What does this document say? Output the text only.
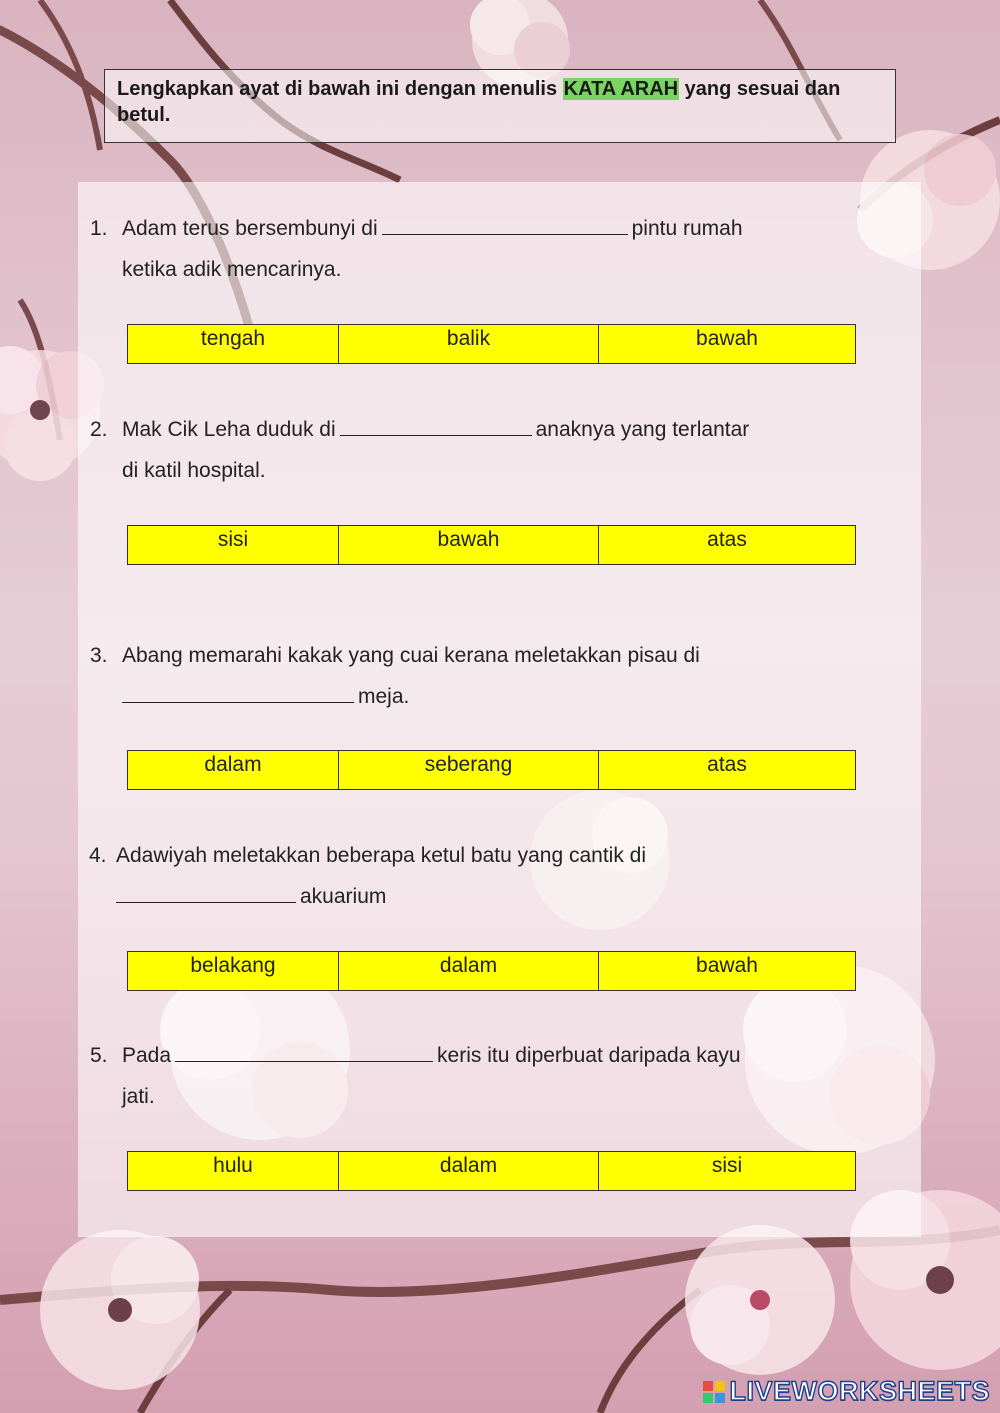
Lengkapkan ayat di bawah ini dengan menulis KATA ARAH yang sesuai dan betul.
1. Adam terus bersembunyi di	pintu rumah
ketika adik mencarinya.
tengah	balik	bawah
2. Mak Cik Leha duduk di	anaknya yang terlantar
di katil hospital.
sisi	bawah	atas
3. Abang memarahi kakak yang cuai kerana meletakkan pisau di
meja.
dalam	seberang	atas
4. Adawiyah meletakkan beberapa ketul batu yang cantik di
akuarium
belakang	dalam	bawah
5. Pada	keris itu diperbuat daripada kayu
jati.
hulu	dalam	sisi
LIVEWORKSHEETS
